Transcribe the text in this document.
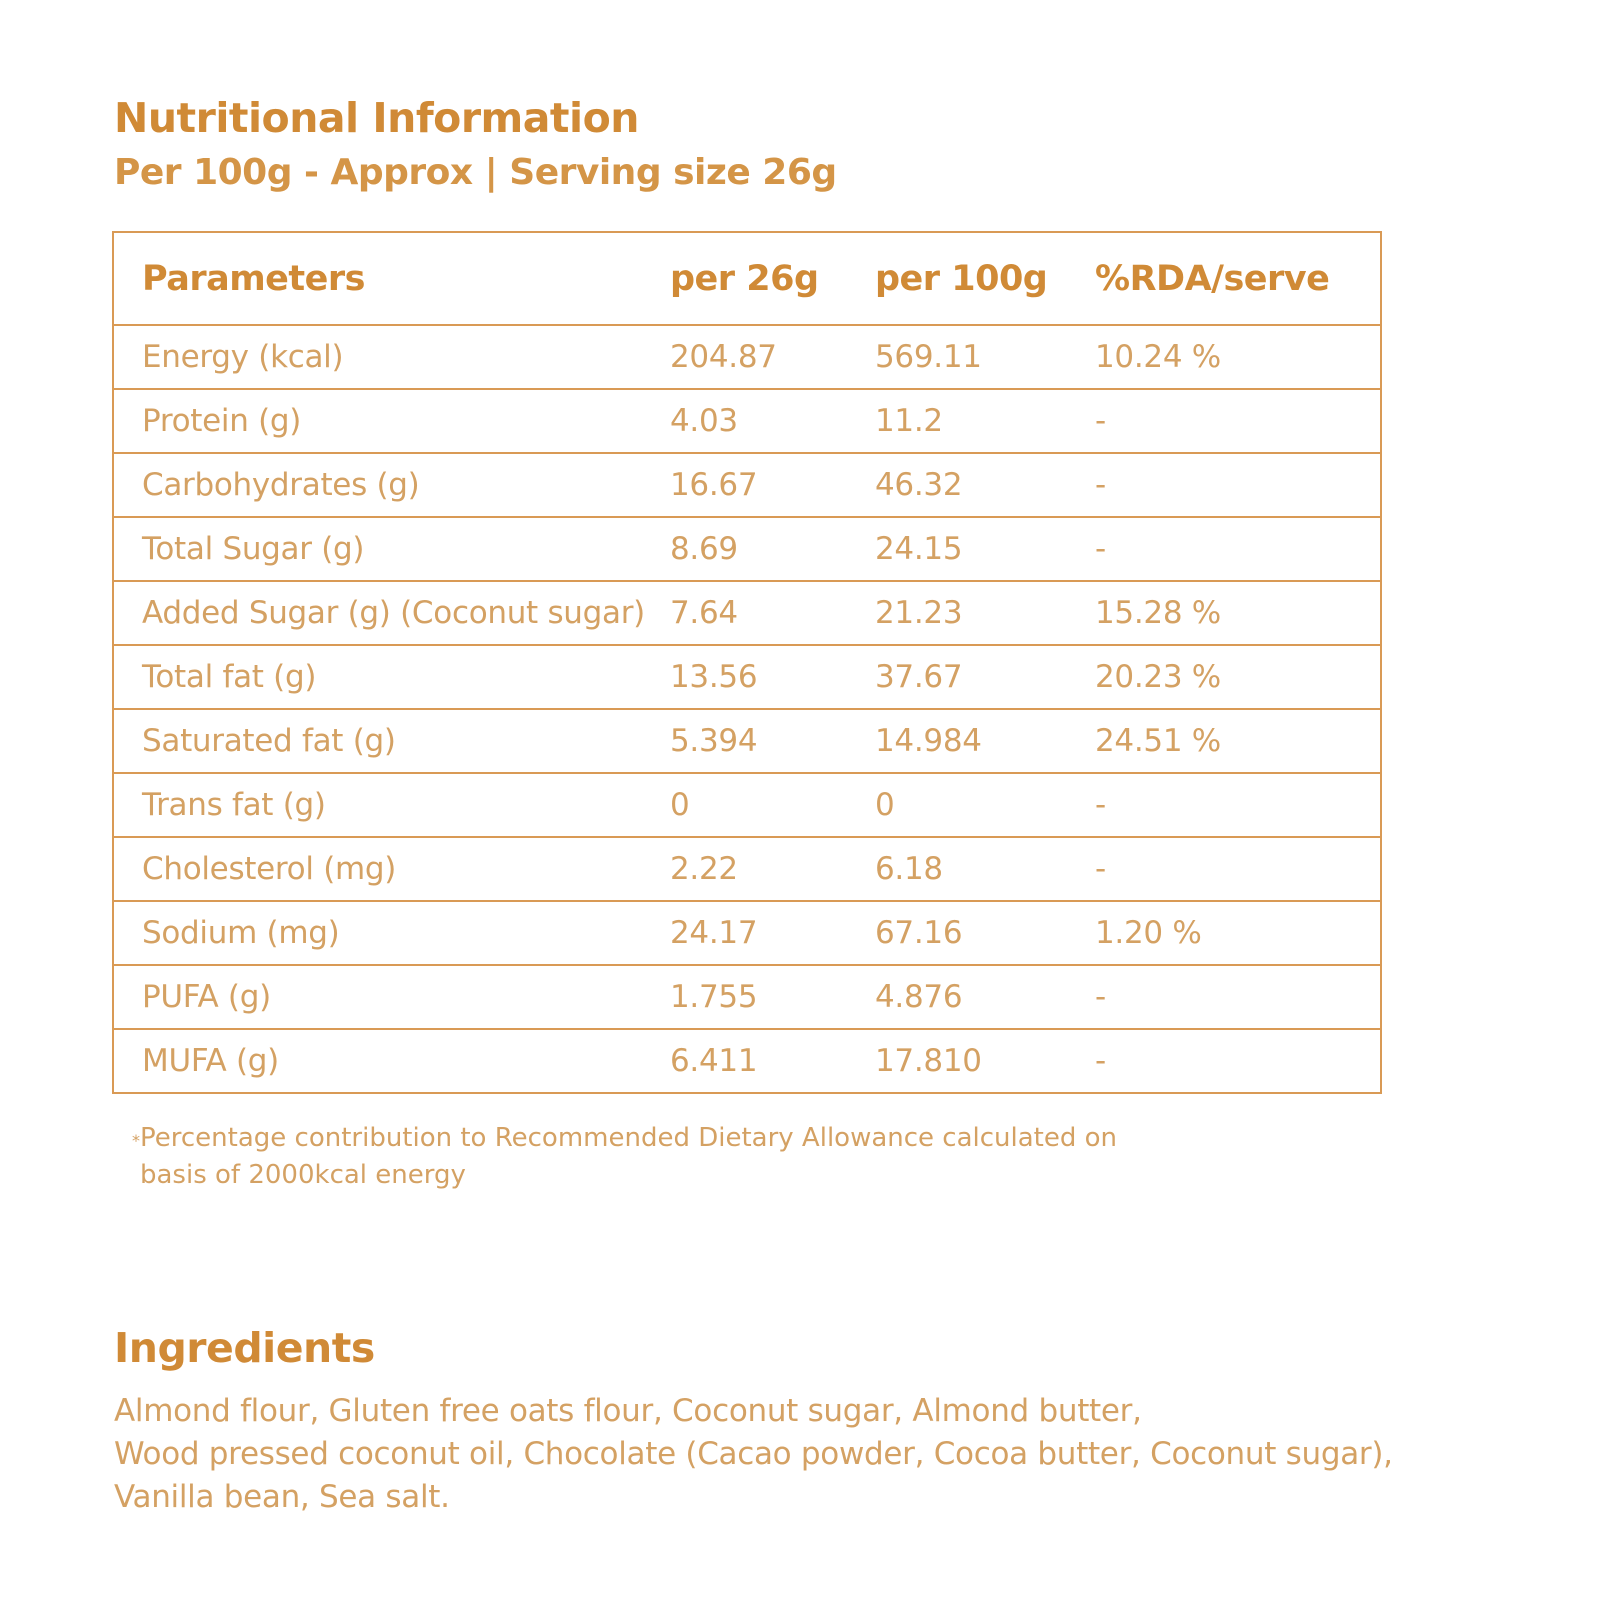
Nutritional Information
Per 100g - Approx | Serving size 26g
Parameters	per 26g	per 100g	%RDA/serve
Energy (kcal)	204.87	569.11	10.24 %
Protein (g)	4.03	11.2	-
Carbohydrates (g)	16.67	46.32	-
Total Sugar (g)	8.69	24.15	-
Added Sugar (g) (Coconut sugar)	7.64	21.23	15.28 %
Total fat (g)	13.56	37.67	20.23 %
Saturated fat (g)	5.394	14.984	24.51 %
Trans fat (g)	0	0	-
Cholesterol (mg)	2.22	6.18	-
Sodium (mg)	24.17	67.16	1.20 %
PUFA (g)	1.755	4.876	-
MUFA (g)	6.411	17.810	-
*Percentage contribution to Recommended Dietary Allowance calculated on
basis of 2000kcal energy
Ingredients
Almond flour, Gluten free oats flour, Coconut sugar, Almond butter,
Wood pressed coconut oil, Chocolate (Cacao powder, Cocoa butter, Coconut sugar),
Vanilla bean, Sea salt.
